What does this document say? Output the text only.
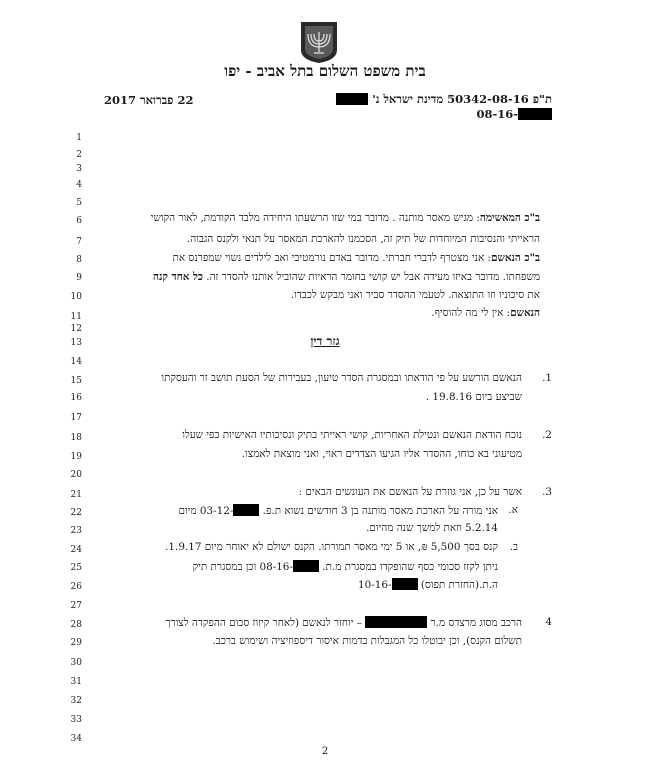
בית משפט השלום בתל אביב - יפו
ת"פ 50342-08-16 מדינת ישראל נ'
-08-16
22 פברואר 2017
1
2
3
4
5
6
7
8
9
10
11
12
13
14
15
16
17
18
19
20
21
22
23
24
25
26
27
28
29
30
31
32
33
34
ב"כ המאשימה: מגיש מאסר מותנה . מדובר במי שזו הרשעתו היחידה מלבד הקודמת, לאור הקושי
הראייתי והנסיבות המיוחדות של תיק זה, הסכמנו להארכת המאסר על תנאי ולקנס הגבוה.
ב"כ הנאשם: אני מצטרף לדברי חברתי. מדובר באדם נורמטיבי ואב לילדים נשוי שמפרנס את
משפחתו. מדובר באיזו מעידה אבל יש קושי בחומר הראיות שהוביל אותנו להסדר זה. כל אחד קנה
את סיכוניו וזו התוצאה. לטעמי ההסדר סביר ואני מבקש לכבדו.
הנאשם: אין לי מה להוסיף.
גזר דין
1.
הנאשם הורשע על פי הודאתו ובמסגרת הסדר טיעון, בעבירות של הסעת תושב זר והעסקתו
שביצע ביום 19.8.16 .
2.
נוכח הודאת הנאשם ונטילת האחריות, קושי ראייתי בתיק ונסיבותיו האישיות כפי שעלו
מטיעוני בא כוחו, ההסדר אליו הגיעו הצדדים ראוי, ואני מוצאת לאמצו.
3.
אשר על כן, אני גוזרת על הנאשם את העונשים הבאים :
א.
אני מורה על הארכת מאסר מותנה בן 3 חודשים נשוא ת.פ. -03-12 מיום
5.2.14 וזאת למשך שנה מהיום.
ב.
קנס בסך 5,500 ₪, או 5 ימי מאסר תמורתו. הקנס ישולם לא יאוחר מיום 1.9.17.
ניתן לקזז סכומי כסף שהופקדו במסגרת מ.ת. -08-16 וכן במסגרת תיק
ה.ת.(החזרת תפוס) -10-16
4
הרכב מסוג מרצדס מ.ר  – יוחזר לנאשם (לאחר קיזוז סכום ההפקדה לצורך
תשלום הקנס), וכן יבוטלו כל המגבלות בדמות איסור דיספוזיציה ושימוש ברכב.
2
